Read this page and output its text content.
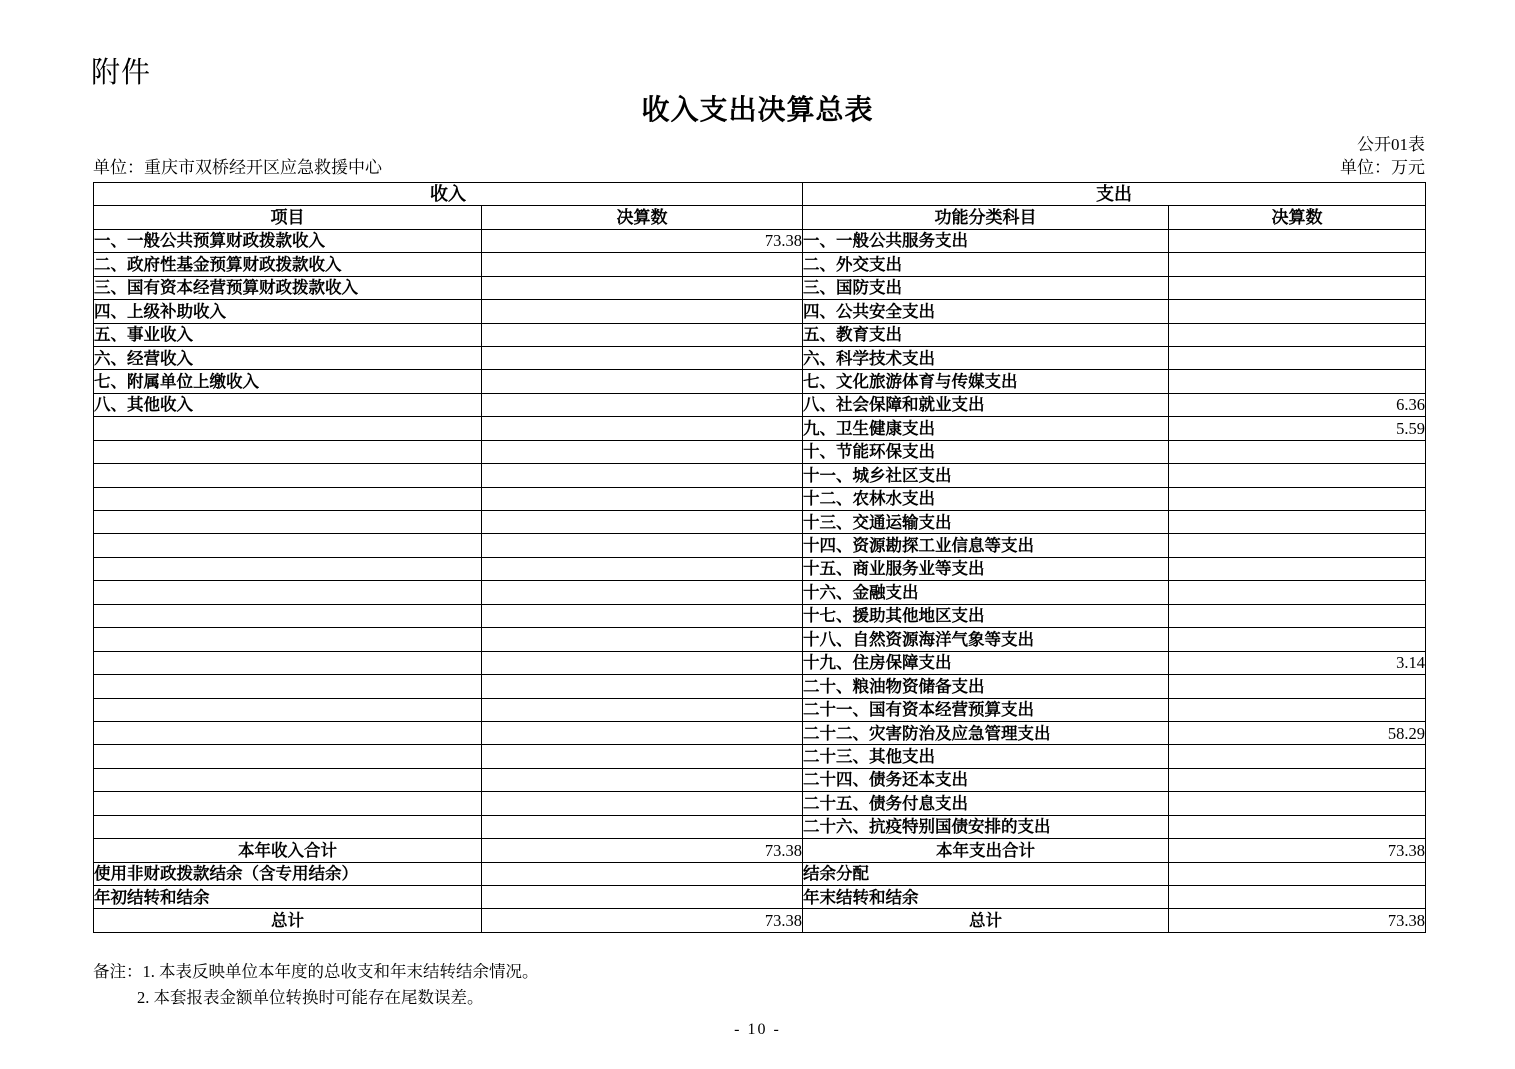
附件
收入支出决算总表
公开01表
单位：重庆市双桥经开区应急救援中心	单位：万元
收入		支出	
项目	决算数	功能分类科目	决算数
一、一般公共预算财政拨款收入	73.38	一、一般公共服务支出	
二、政府性基金预算财政拨款收入		二、外交支出	
三、国有资本经营预算财政拨款收入		三、国防支出	
四、上级补助收入		四、公共安全支出	
五、事业收入		五、教育支出	
六、经营收入		六、科学技术支出	
七、附属单位上缴收入		七、文化旅游体育与传媒支出	
八、其他收入		八、社会保障和就业支出	6.36
		九、卫生健康支出	5.59
		十、节能环保支出	
		十一、城乡社区支出	
		十二、农林水支出	
		十三、交通运输支出	
		十四、资源勘探工业信息等支出	
		十五、商业服务业等支出	
		十六、金融支出	
		十七、援助其他地区支出	
		十八、自然资源海洋气象等支出	
		十九、住房保障支出	3.14
		二十、粮油物资储备支出	
		二十一、国有资本经营预算支出	
		二十二、灾害防治及应急管理支出	58.29
		二十三、其他支出	
		二十四、债务还本支出	
		二十五、债务付息支出	
		二十六、抗疫特别国债安排的支出	
本年收入合计	73.38	本年支出合计	73.38
使用非财政拨款结余（含专用结余）		结余分配	
年初结转和结余		年末结转和结余	
总计	73.38	总计	73.38
备注：1. 本表反映单位本年度的总收支和年末结转结余情况。
2. 本套报表金额单位转换时可能存在尾数误差。
- 10 -
